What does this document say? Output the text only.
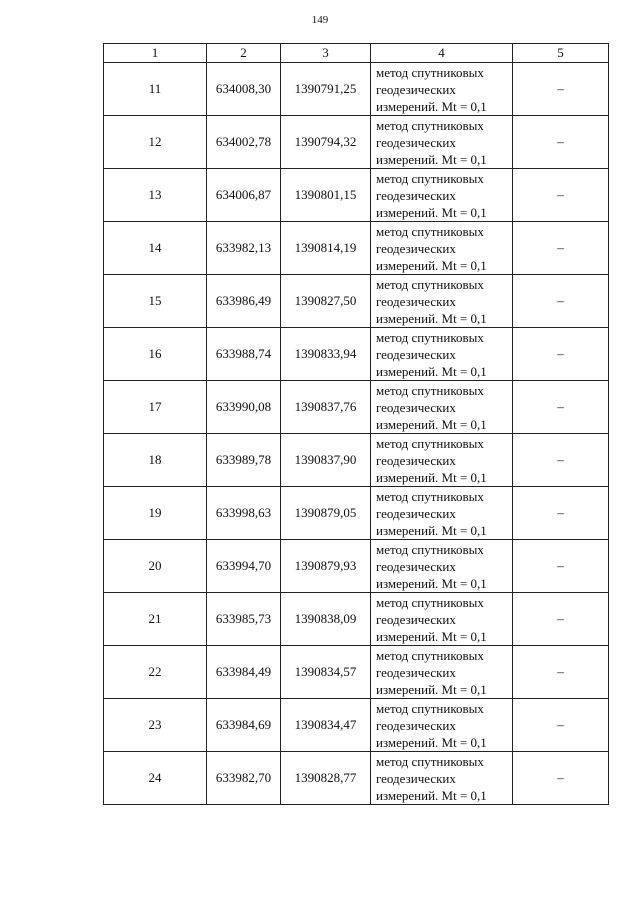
149
1	2	3	4	5
11	634008,30	1390791,25	метод спутниковых
геодезических
измерений. Mt = 0,1	–
12	634002,78	1390794,32	метод спутниковых
геодезических
измерений. Mt = 0,1	–
13	634006,87	1390801,15	метод спутниковых
геодезических
измерений. Mt = 0,1	–
14	633982,13	1390814,19	метод спутниковых
геодезических
измерений. Mt = 0,1	–
15	633986,49	1390827,50	метод спутниковых
геодезических
измерений. Mt = 0,1	–
16	633988,74	1390833,94	метод спутниковых
геодезических
измерений. Mt = 0,1	–
17	633990,08	1390837,76	метод спутниковых
геодезических
измерений. Mt = 0,1	–
18	633989,78	1390837,90	метод спутниковых
геодезических
измерений. Mt = 0,1	–
19	633998,63	1390879,05	метод спутниковых
геодезических
измерений. Mt = 0,1	–
20	633994,70	1390879,93	метод спутниковых
геодезических
измерений. Mt = 0,1	–
21	633985,73	1390838,09	метод спутниковых
геодезических
измерений. Mt = 0,1	–
22	633984,49	1390834,57	метод спутниковых
геодезических
измерений. Mt = 0,1	–
23	633984,69	1390834,47	метод спутниковых
геодезических
измерений. Mt = 0,1	–
24	633982,70	1390828,77	метод спутниковых
геодезических
измерений. Mt = 0,1	–
